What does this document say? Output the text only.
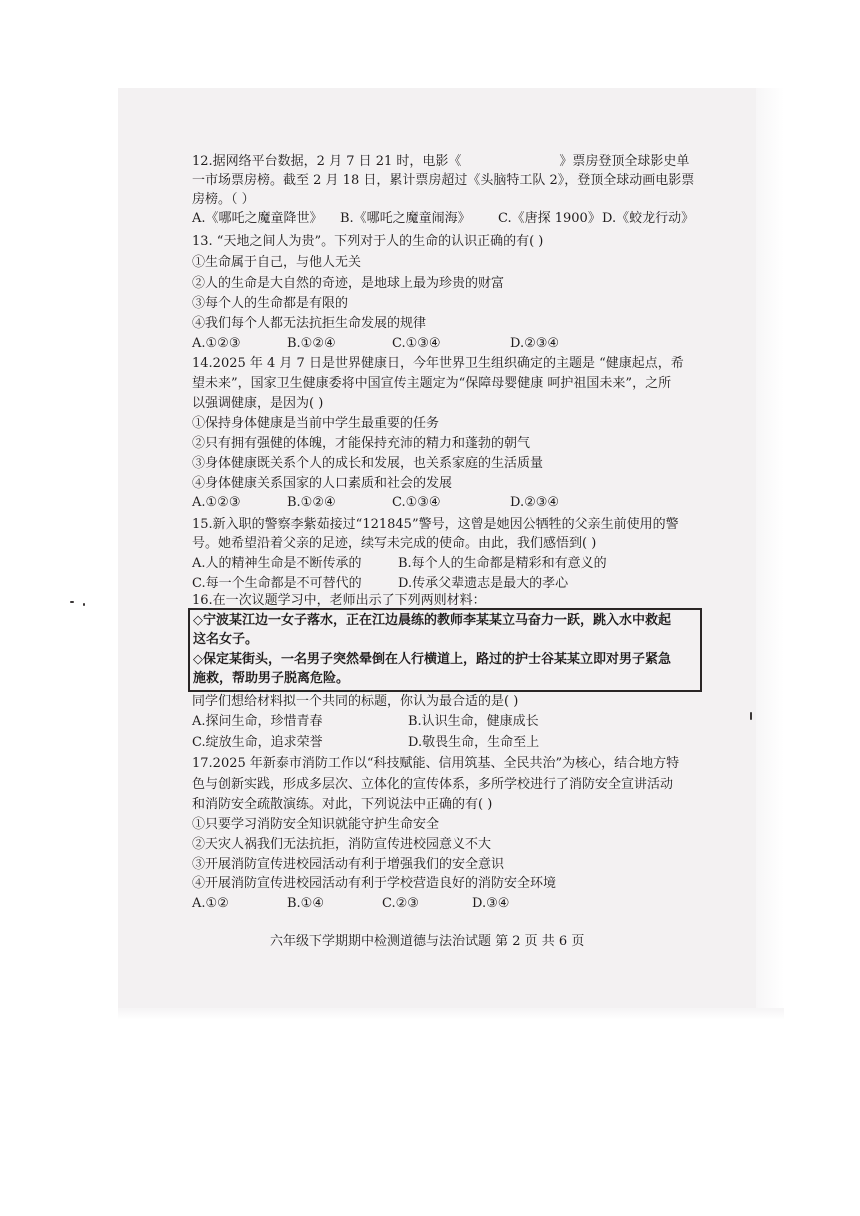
12.据网络平台数据，2 月 7 日 21 时，电影《	》票房登顶全球影史单
一市场票房榜。截至 2 月 18 日，累计票房超过《头脑特工队 2》，登顶全球动画电影票
房榜。（ ）
A.《哪吒之魔童降世》 B.《哪吒之魔童闹海》 C.《唐探 1900》 D.《蛟龙行动》
13. “天地之间人为贵”。下列对于人的生命的认识正确的有( )
①生命属于自己，与他人无关
②人的生命是大自然的奇迹，是地球上最为珍贵的财富
③每个人的生命都是有限的
④我们每个人都无法抗拒生命发展的规律
A.①②③	B.①②④	C.①③④	D.②③④
14.2025 年 4 月 7 日是世界健康日，今年世界卫生组织确定的主题是 “健康起点，希
望未来”，国家卫生健康委将中国宣传主题定为“保障母婴健康 呵护祖国未来”，之所
以强调健康，是因为( )
①保持身体健康是当前中学生最重要的任务
②只有拥有强健的体魄，才能保持充沛的精力和蓬勃的朝气
③身体健康既关系个人的成长和发展，也关系家庭的生活质量
④身体健康关系国家的人口素质和社会的发展
A.①②③	B.①②④	C.①③④	D.②③④
15.新入职的警察李紫茹接过“121845”警号，这曾是她因公牺牲的父亲生前使用的警
号。她希望沿着父亲的足迹，续写未完成的使命。由此，我们感悟到( )
A.人的精神生命是不断传承的	B.每个人的生命都是精彩和有意义的
C.每一个生命都是不可替代的	D.传承父辈遗志是最大的孝心
16.在一次议题学习中，老师出示了下列两则材料：
◇宁波某江边一女子落水，正在江边晨练的教师李某某立马奋力一跃，跳入水中救起
这名女子。
◇保定某街头，一名男子突然晕倒在人行横道上，路过的护士谷某某立即对男子紧急
施救，帮助男子脱离危险。
同学们想给材料拟一个共同的标题，你认为最合适的是( )
A.探问生命，珍惜青春	B.认识生命，健康成长
C.绽放生命，追求荣誉	D.敬畏生命，生命至上
17.2025 年新泰市消防工作以“科技赋能、信用筑基、全民共治”为核心，结合地方特
色与创新实践，形成多层次、立体化的宣传体系，多所学校进行了消防安全宣讲活动
和消防安全疏散演练。对此，下列说法中正确的有( )
①只要学习消防安全知识就能守护生命安全
②天灾人祸我们无法抗拒，消防宣传进校园意义不大
③开展消防宣传进校园活动有利于增强我们的安全意识
④开展消防宣传进校园活动有利于学校营造良好的消防安全环境
A.①②	B.①④	C.②③	D.③④
六年级下学期期中检测道德与法治试题 第 2 页 共 6 页
